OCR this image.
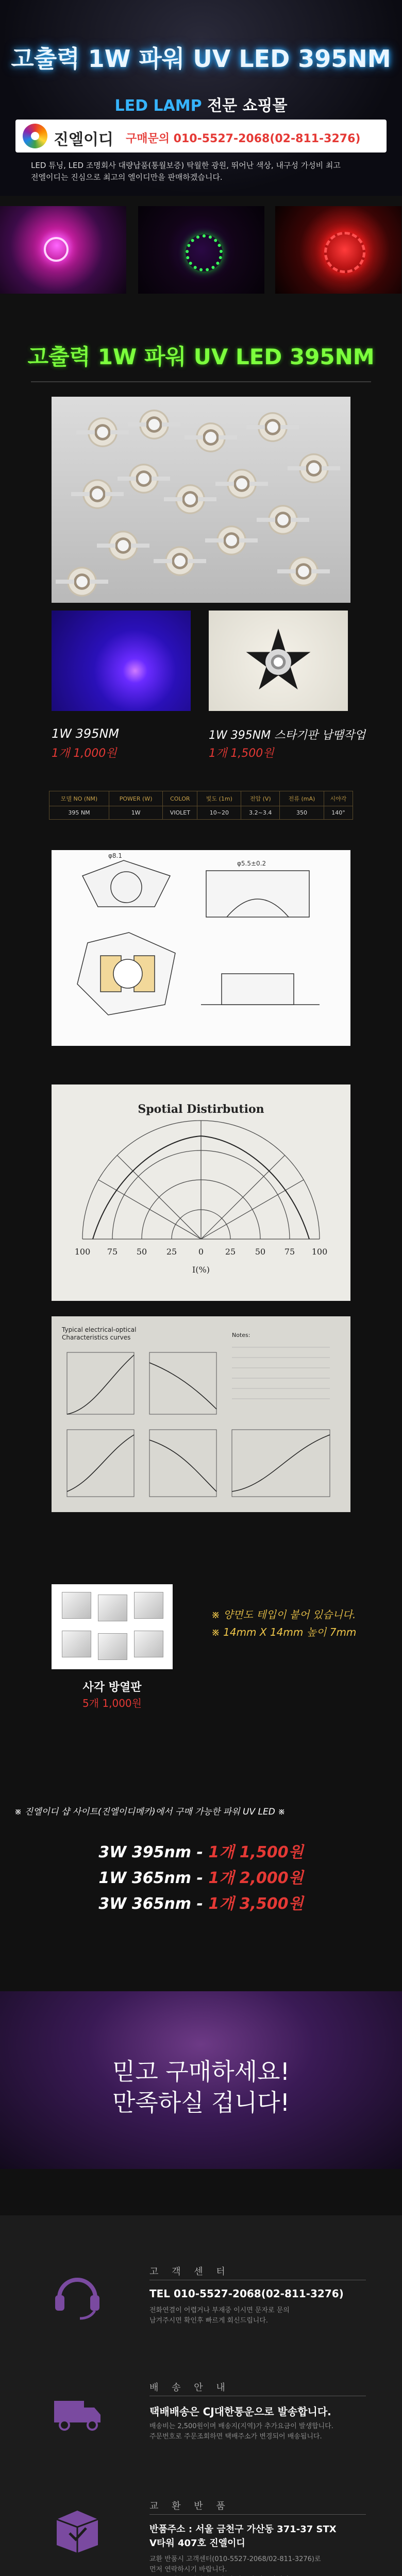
고출력 1W 파워 UV LED 395NM
LED LAMP 전문 쇼핑몰
진엘이디 구매문의 010-5527-2068(02-811-3276)
LED 튜닝, LED 조명회사 대량납품(통월보증) 탁월한 광원, 뛰어난 색상, 내구성 가성비 최고
전엘이디는 진심으로 최고의 엘이디만을 판매하겠습니다.
고출력 1W 파워 UV LED 395NM
1W 395NM
1개 1,000원
1W 395NM 스타기판 납땜작업
1개 1,500원
모델 NO (NM)	POWER (W)	COLOR	빛도 (1m)	전압 (V)	전류 (mA)	시야각
395 NM	1W	VIOLET	10~20	3.2~3.4	350	140°
φ8.1
φ5.5±0.2
Spotial Distirbution
100 75 50 25	0	25 50 75 100
I(%)
Typical electrical-optical
Characteristics curves	Notes:
※ 양면도 테입이 붙어 있습니다.
※ 14mm X 14mm 높이 7mm
사각 방열판
5개 1,000원
※ 진엘이디 샵 사이트(진엘이디메카)에서 구매 가능한 파워 UV LED ※
3W 395nm - 1개 1,500원
1W 365nm - 1개 2,000원
3W 365nm - 1개 3,500원
믿고 구매하세요!
만족하실 겁니다!
고 객 센 터
TEL 010-5527-2068(02-811-3276)
전화연결이 어렵거나 부재중 이시면 문자로 문의
남겨주시면 확인후 빠르게 회신드립니다.
배 송 안 내
택배배송은 CJ대한통운으로 발송합니다.
배송비는 2,500원이며 배송지(지역)가 추가요금이 발생합니다.
주문번호로 주문조회하면 택배주소가 변경되어 배송됩니다.
교 환 반 품
반품주소 : 서울 금천구 가산동 371-37 STX
V타워 407호 진엘이디
교환 반품시 고객센터(010-5527-2068/02-811-3276)로
먼저 연락하시기 바랍니다.
